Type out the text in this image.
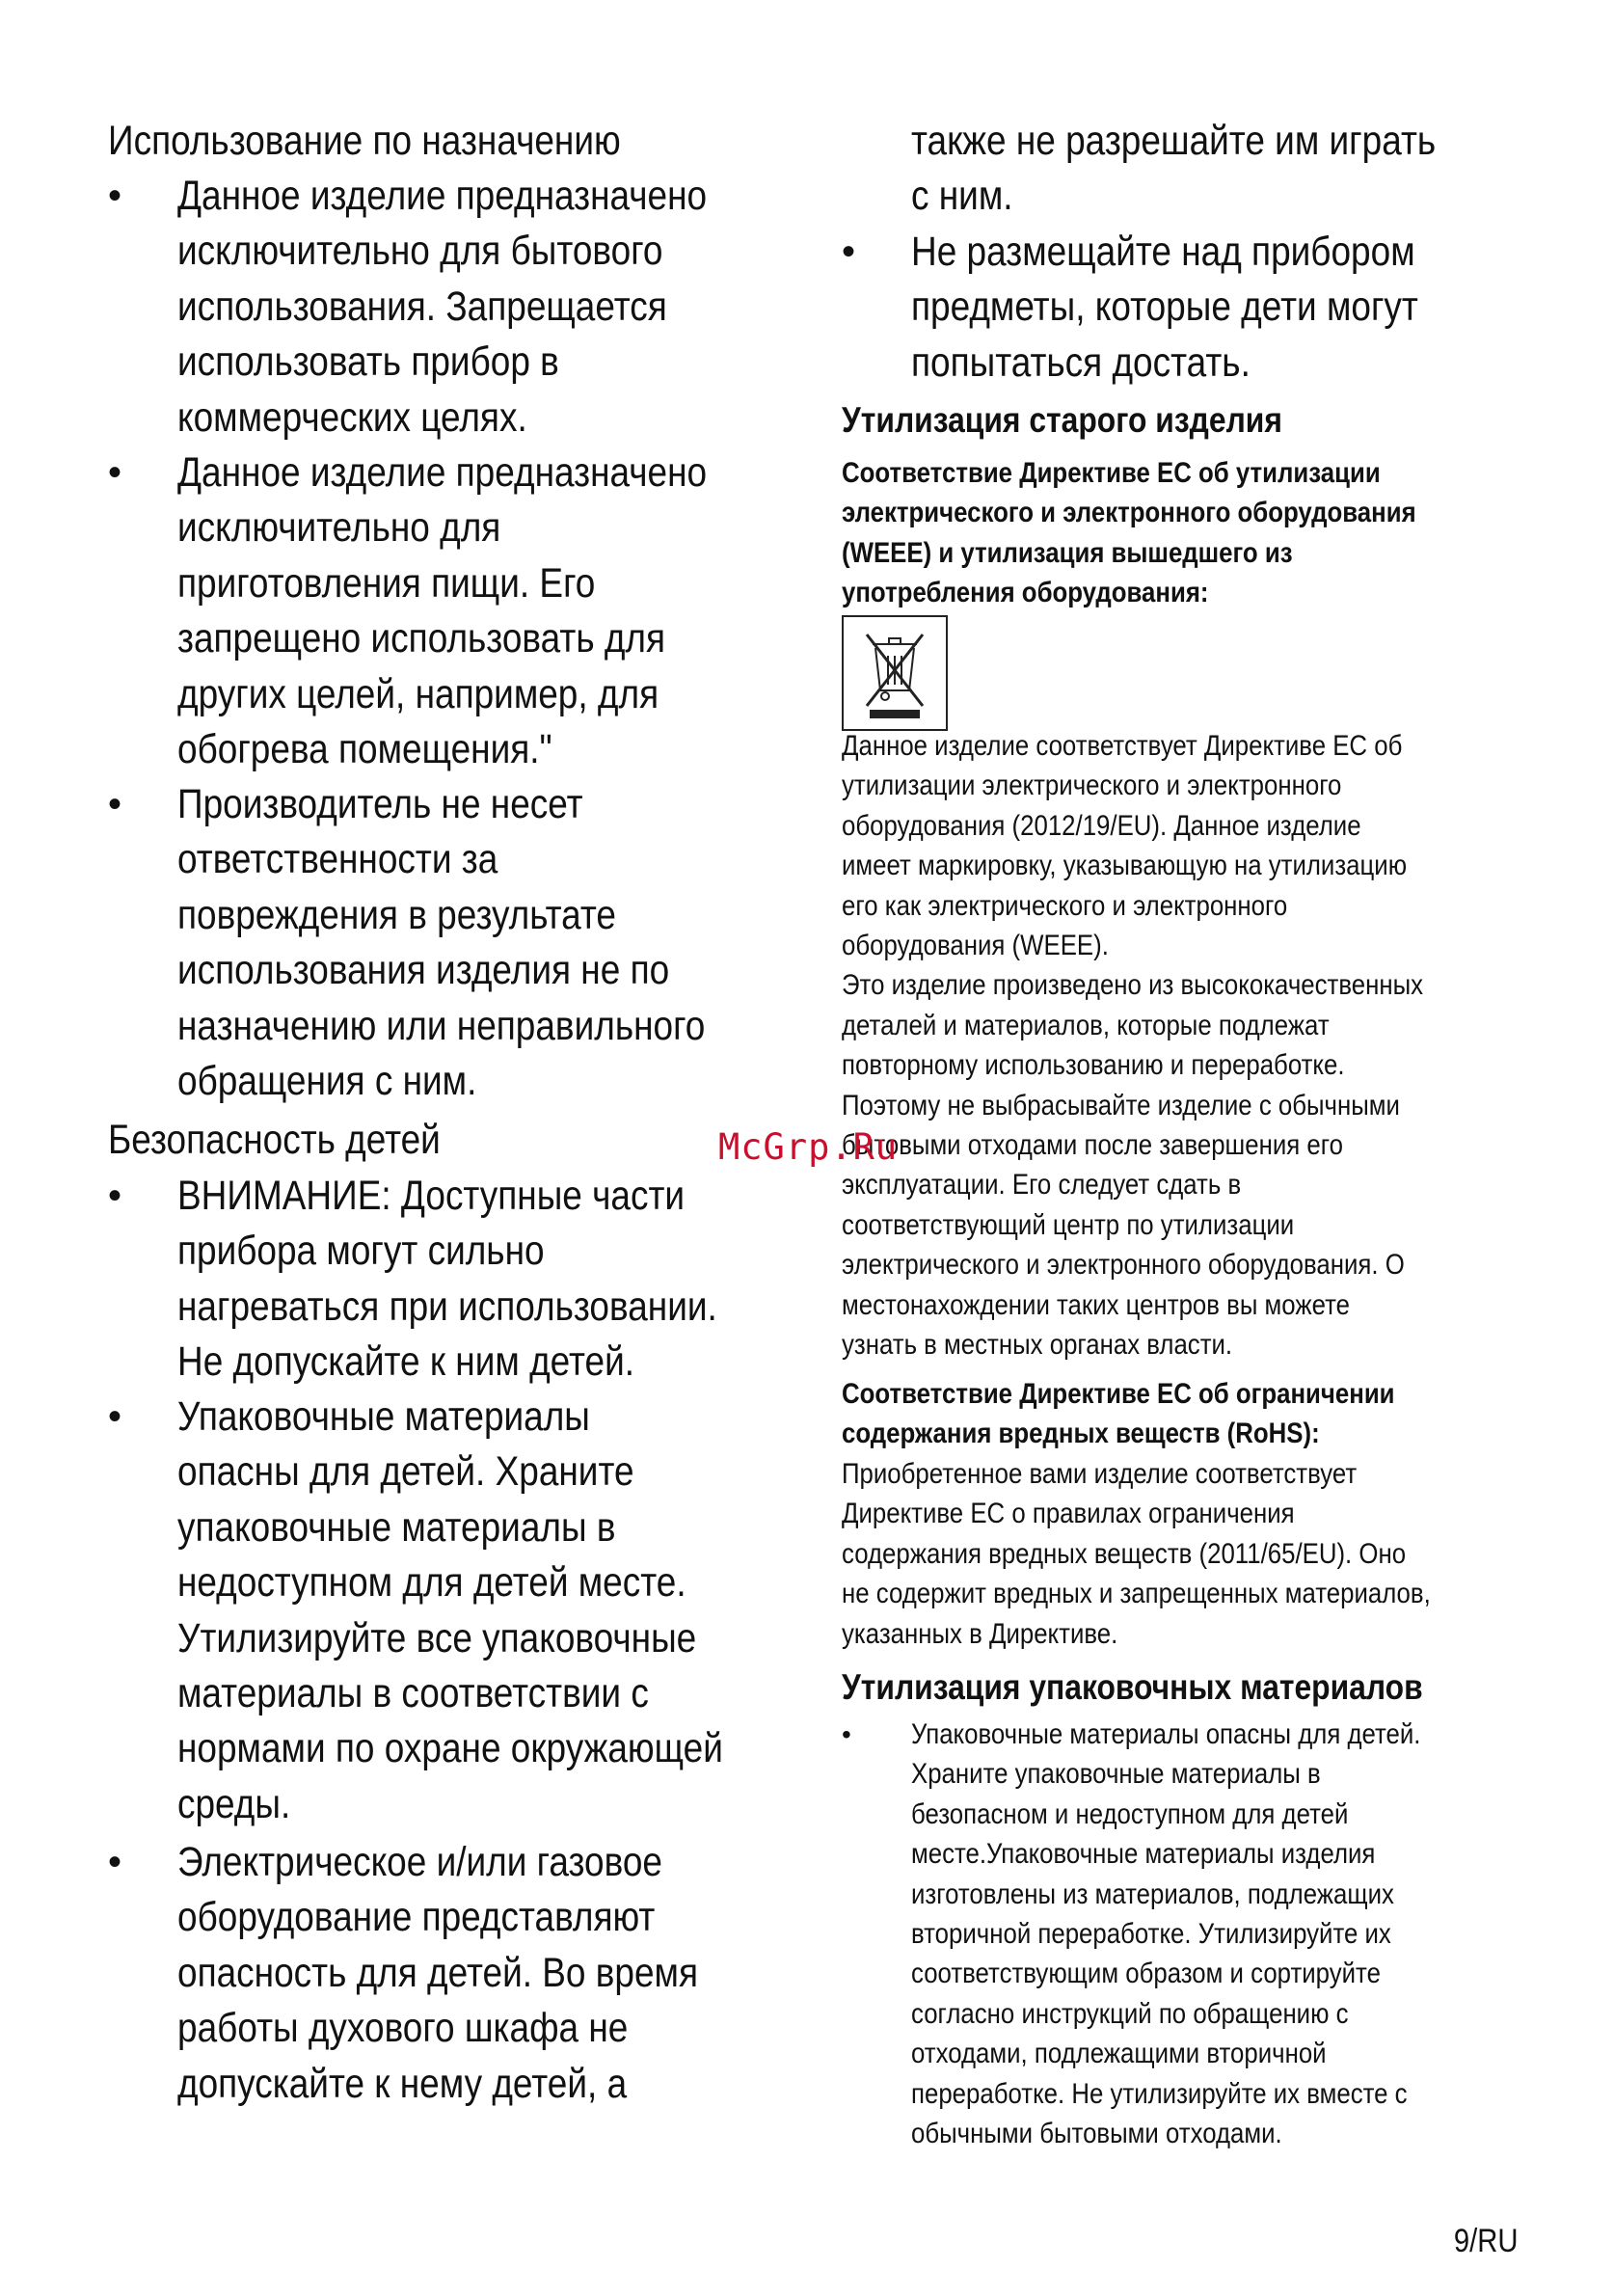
Использование по назначению
• Данное изделие предназначено
исключительно для бытового
использования. Запрещается
использовать прибор в
коммерческих целях.
• Данное изделие предназначено
исключительно для
приготовления пищи. Его
запрещено использовать для
других целей, например, для
обогрева помещения."
• Производитель не несет
ответственности за
повреждения в результате
использования изделия не по
назначению или неправильного
обращения с ним.
Безопасность детей
• ВНИМАНИЕ: Доступные части
прибора могут сильно
нагреваться при использовании.
Не допускайте к ним детей.
• Упаковочные материалы
опасны для детей. Храните
упаковочные материалы в
недоступном для детей месте.
Утилизируйте все упаковочные
материалы в соответствии с
нормами по охране окружающей
среды.
• Электрическое и/или газовое
оборудование представляют
опасность для детей. Во время
работы духового шкафа не
допускайте к нему детей, а
также не разрешайте им играть
с ним.
• Не размещайте над прибором
предметы, которые дети могут
попытаться достать.
Утилизация старого изделия
Соответствие Директиве ЕС об утилизации
электрического и электронного оборудования
(WEEE) и утилизация вышедшего из
употребления оборудования:
Данное изделие соответствует Директиве ЕС об
утилизации электрического и электронного
оборудования (2012/19/EU). Данное изделие
имеет маркировку, указывающую на утилизацию
его как электрического и электронного
оборудования (WEEE).
Это изделие произведено из высококачественных
деталей и материалов, которые подлежат
повторному использованию и переработке.
Поэтому не выбрасывайте изделие с обычными
бытовыми отходами после завершения его
эксплуатации. Его следует сдать в
соответствующий центр по утилизации
электрического и электронного оборудования. О
местонахождении таких центров вы можете
узнать в местных органах власти.
Соответствие Директиве ЕС об ограничении
содержания вредных веществ (RoHS):
Приобретенное вами изделие соответствует
Директиве ЕС о правилах ограничения
содержания вредных веществ (2011/65/EU). Оно
не содержит вредных и запрещенных материалов,
указанных в Директиве.
Утилизация упаковочных материалов
• Упаковочные материалы опасны для детей.
Храните упаковочные материалы в
безопасном и недоступном для детей
месте.Упаковочные материалы изделия
изготовлены из материалов, подлежащих
вторичной переработке. Утилизируйте их
соответствующим образом и сортируйте
согласно инструкций по обращению с
отходами, подлежащими вторичной
переработке. Не утилизируйте их вместе с
обычными бытовыми отходами.
McGrp.Ru
9/RU
